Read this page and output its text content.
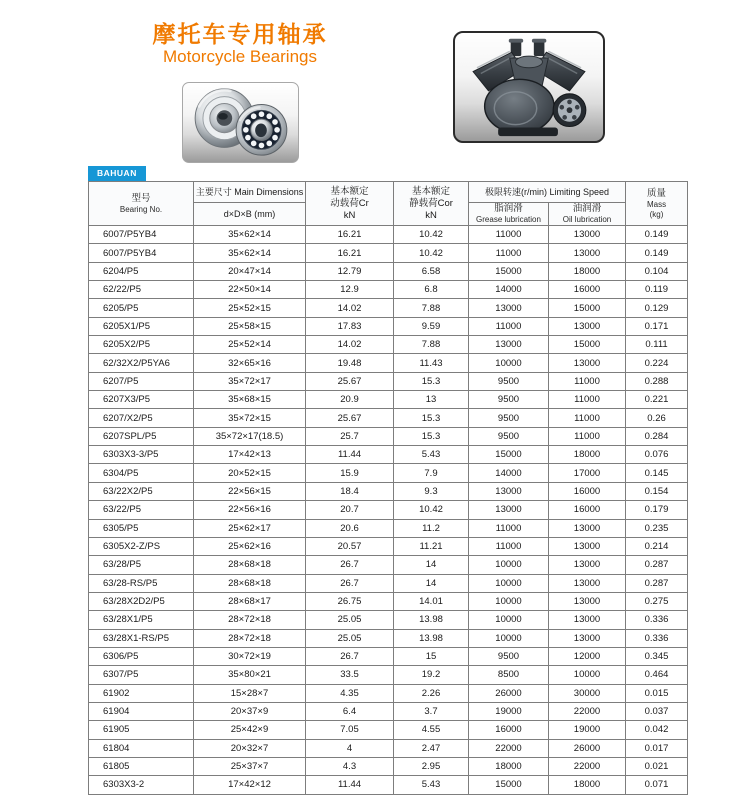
摩托车专用轴承
Motorcycle Bearings
BAHUAN
型号
Bearing No.	主要尺寸 Main Dimensions	基本额定
动载荷Cr
kN	基本额定
静载荷Cor
kN	极限转速(r/min) Limiting Speed		质量
Mass
(kg)

	d×D×B (mm)			脂润滑
Grease lubrication	油润滑
Oil lubrication	

6007/P5YB4	35×62×14	16.21	10.42	11000	13000	0.149
6007/P5YB4	35×62×14	16.21	10.42	11000	13000	0.149
6204/P5	20×47×14	12.79	6.58	15000	18000	0.104
62/22/P5	22×50×14	12.9	6.8	14000	16000	0.119
6205/P5	25×52×15	14.02	7.88	13000	15000	0.129
6205X1/P5	25×58×15	17.83	9.59	11000	13000	0.171
6205X2/P5	25×52×14	14.02	7.88	13000	15000	0.111
62/32X2/P5YA6	32×65×16	19.48	11.43	10000	13000	0.224
6207/P5	35×72×17	25.67	15.3	9500	11000	0.288
6207X3/P5	35×68×15	20.9	13	9500	11000	0.221
6207/X2/P5	35×72×15	25.67	15.3	9500	11000	0.26
6207SPL/P5	35×72×17(18.5)	25.7	15.3	9500	11000	0.284
6303X3-3/P5	17×42×13	11.44	5.43	15000	18000	0.076
6304/P5	20×52×15	15.9	7.9	14000	17000	0.145
63/22X2/P5	22×56×15	18.4	9.3	13000	16000	0.154
63/22/P5	22×56×16	20.7	10.42	13000	16000	0.179
6305/P5	25×62×17	20.6	11.2	11000	13000	0.235
6305X2-Z/PS	25×62×16	20.57	11.21	11000	13000	0.214
63/28/P5	28×68×18	26.7	14	10000	13000	0.287
63/28-RS/P5	28×68×18	26.7	14	10000	13000	0.287
63/28X2D2/P5	28×68×17	26.75	14.01	10000	13000	0.275
63/28X1/P5	28×72×18	25.05	13.98	10000	13000	0.336
63/28X1-RS/P5	28×72×18	25.05	13.98	10000	13000	0.336
6306/P5	30×72×19	26.7	15	9500	12000	0.345
6307/P5	35×80×21	33.5	19.2	8500	10000	0.464
61902	15×28×7	4.35	2.26	26000	30000	0.015
61904	20×37×9	6.4	3.7	19000	22000	0.037
61905	25×42×9	7.05	4.55	16000	19000	0.042
61804	20×32×7	4	2.47	22000	26000	0.017
61805	25×37×7	4.3	2.95	18000	22000	0.021
6303X3-2	17×42×12	11.44	5.43	15000	18000	0.071
